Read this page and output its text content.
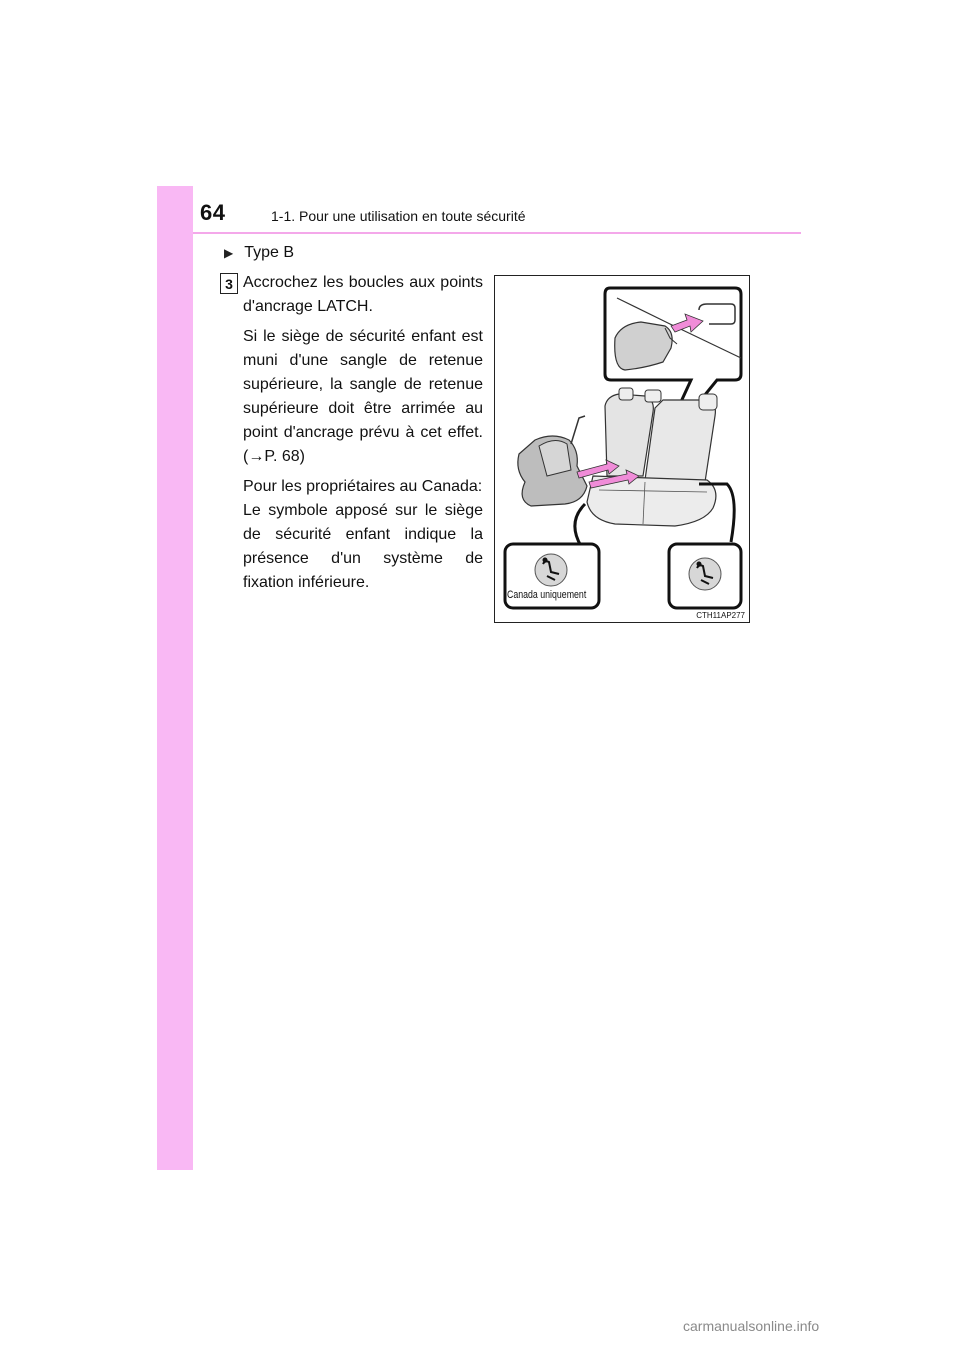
64	1-1. Pour une utilisation en toute sécurité
▶ Type B
3 Accrochez les boucles aux points d'ancrage LATCH.

Si le siège de sécurité enfant est muni d'une sangle de retenue supérieure, la sangle de retenue supérieure doit être arrimée au point d'ancrage prévu à cet effet. (→P. 68)

Pour les propriétaires au Canada:

Le symbole apposé sur le siège de sécurité enfant indique la présence d'un système de fixation inférieure.

Canada uniquement
CTH11AP277
carmanualsonline.info
